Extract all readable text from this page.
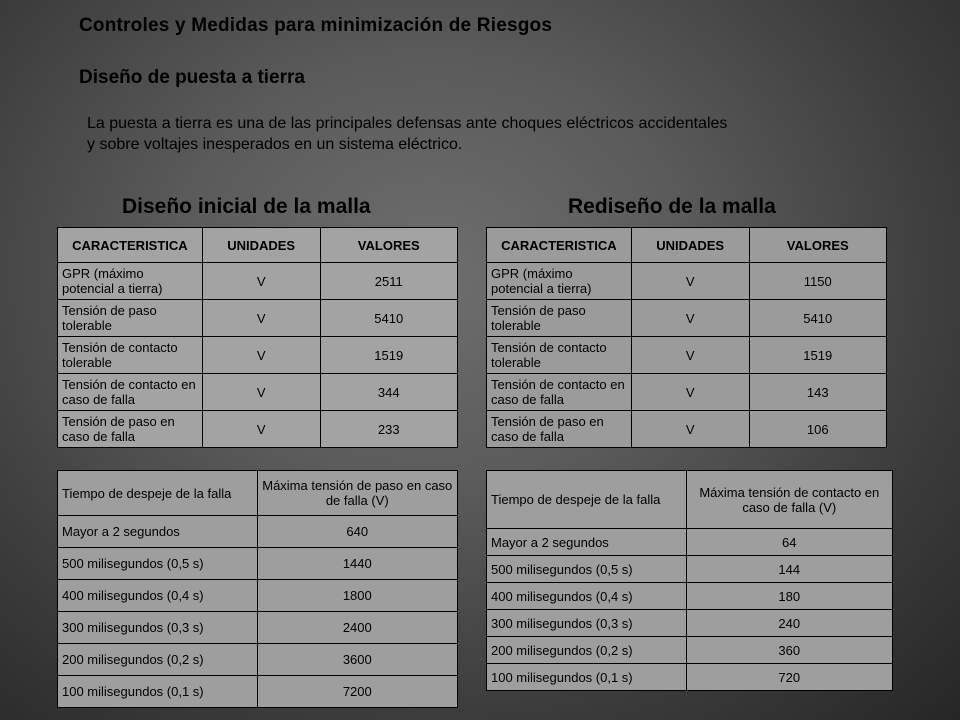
Controles y Medidas para minimización de Riesgos
Diseño de puesta a tierra
La puesta a tierra es una de las principales defensas ante choques eléctricos accidentales
y sobre voltajes inesperados en un sistema eléctrico.
Diseño inicial de la malla	Rediseño de la malla
CARACTERISTICA	UNIDADES	VALORES
GPR (máximo potencial a tierra)	V	2511
Tensión de paso tolerable	V	5410
Tensión de contacto tolerable	V	1519
Tensión de contacto en caso de falla	V	344
Tensión de paso en caso de falla	V	233
CARACTERISTICA	UNIDADES	VALORES
GPR (máximo potencial a tierra)	V	1150
Tensión de paso tolerable	V	5410
Tensión de contacto tolerable	V	1519
Tensión de contacto en caso de falla	V	143
Tensión de paso en caso de falla	V	106
Tiempo de despeje de la falla	Máxima tensión de paso en caso de falla (V)
Mayor a 2 segundos	640
500 milisegundos (0,5 s)	1440
400 milisegundos (0,4 s)	1800
300 milisegundos (0,3 s)	2400
200 milisegundos (0,2 s)	3600
100 milisegundos (0,1 s)	7200
Tiempo de despeje de la falla	Máxima tensión de contacto en caso de falla (V)
Mayor a 2 segundos	64
500 milisegundos (0,5 s)	144
400 milisegundos (0,4 s)	180
300 milisegundos (0,3 s)	240
200 milisegundos (0,2 s)	360
100 milisegundos (0,1 s)	720
